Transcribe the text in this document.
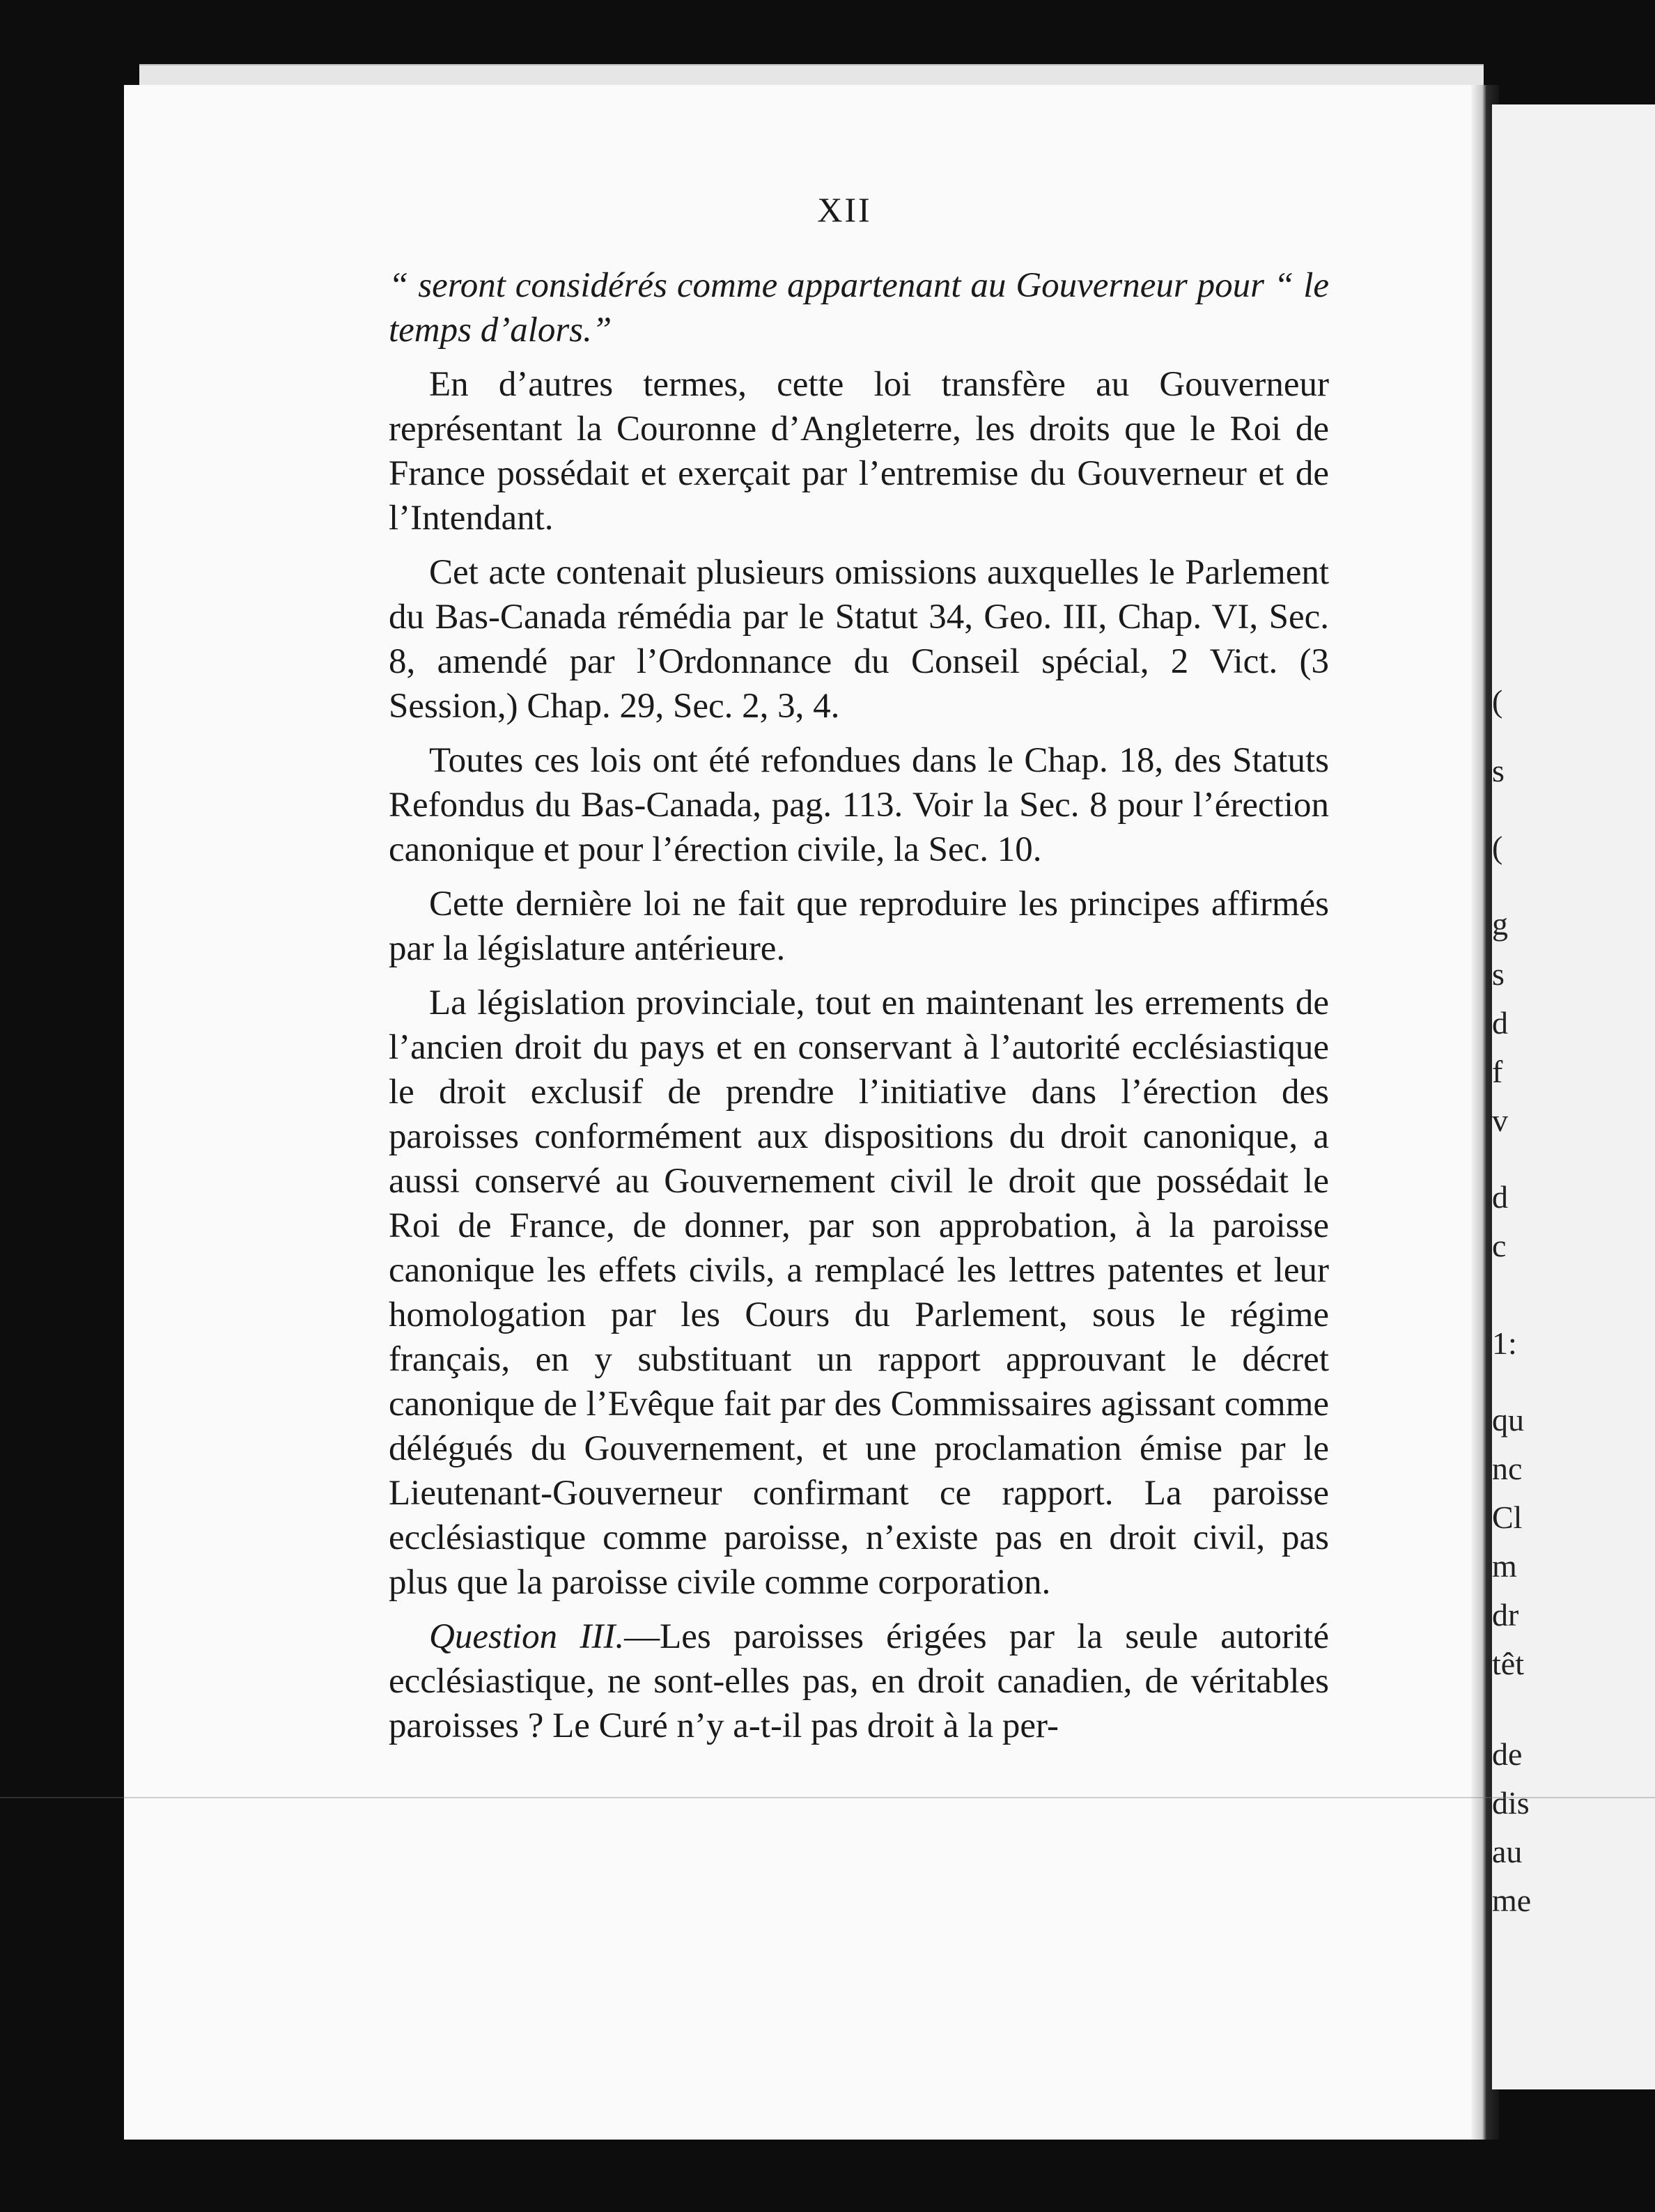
(
s
(
g
s
d
f
v
d
c
1:
qu
nc
Cl
m
dr
têt
de
dis
au
me
XII

“ seront considérés comme appartenant au Gouverneur pour “ le temps d’alors.”

En d’autres termes, cette loi transfère au Gouverneur représentant la Couronne d’Angleterre, les droits que le Roi de France possédait et exerçait par l’entremise du Gouverneur et de l’Intendant.

Cet acte contenait plusieurs omissions auxquelles le Parlement du Bas-Canada rémédia par le Statut 34, Geo. III, Chap. VI, Sec. 8, amendé par l’Ordonnance du Conseil spécial, 2 Vict. (3 Session,) Chap. 29, Sec. 2, 3, 4.

Toutes ces lois ont été refondues dans le Chap. 18, des Statuts Refondus du Bas-Canada, pag. 113. Voir la Sec. 8 pour l’érection canonique et pour l’érection civile, la Sec. 10.

Cette dernière loi ne fait que reproduire les principes affirmés par la législature antérieure.

La législation provinciale, tout en maintenant les errements de l’ancien droit du pays et en conservant à l’autorité ecclésiastique le droit exclusif de prendre l’initiative dans l’érection des paroisses conformément aux dispositions du droit canonique, a aussi conservé au Gouvernement civil le droit que possédait le Roi de France, de donner, par son approbation, à la paroisse canonique les effets civils, a remplacé les lettres patentes et leur homologation par les Cours du Parlement, sous le régime français, en y substituant un rapport approuvant le décret canonique de l’Evêque fait par des Commissaires agissant comme délégués du Gouvernement, et une proclamation émise par le Lieutenant-Gouverneur confirmant ce rapport. La paroisse ecclésiastique comme paroisse, n’existe pas en droit civil, pas plus que la paroisse civile comme corporation.

Question III.—Les paroisses érigées par la seule autorité ecclésiastique, ne sont-elles pas, en droit canadien, de véritables paroisses ? Le Curé n’y a-t-il pas droit à la per-
